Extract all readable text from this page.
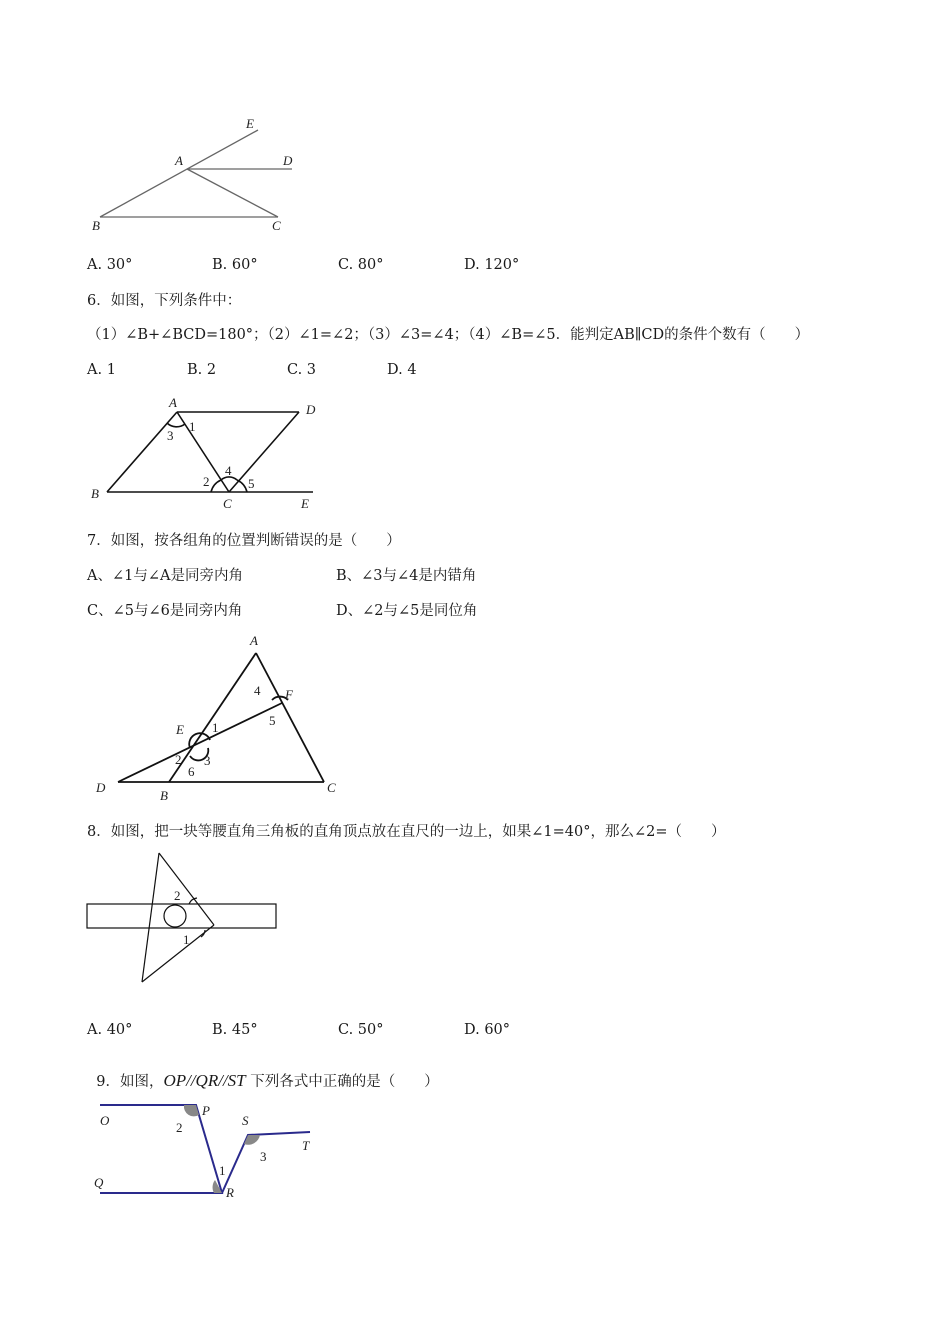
E
A	D
B	C
A. 30°	B. 60°	C. 80°	D. 120°
6．如图，下列条件中：
（1）∠B+∠BCD=180°；（2）∠1=∠2；（3）∠3=∠4；（4）∠B=∠5．能判定AB∥CD的条件个数有（　　）
A. 1	B. 2	C. 3	D. 4
A	D
B
C	E
3
1
2
4
5
7．如图，按各组角的位置判断错误的是（　　）
A、∠1与∠A是同旁内角	B、∠3与∠4是内错角
C、∠5与∠6是同旁内角	D、∠2与∠5是同位角
A
F
E
D
B
C
4
5
1
2 3
6
8．如图，把一块等腰直角三角板的直角顶点放在直尺的一边上，如果∠1=40°，那么∠2=（　　）
2
1
A. 40°	B. 45°	C. 50°	D. 60°

9．如图，OP//QR//ST 下列各式中正确的是（　　）

O
P
S
T
Q
R
2
1
3
